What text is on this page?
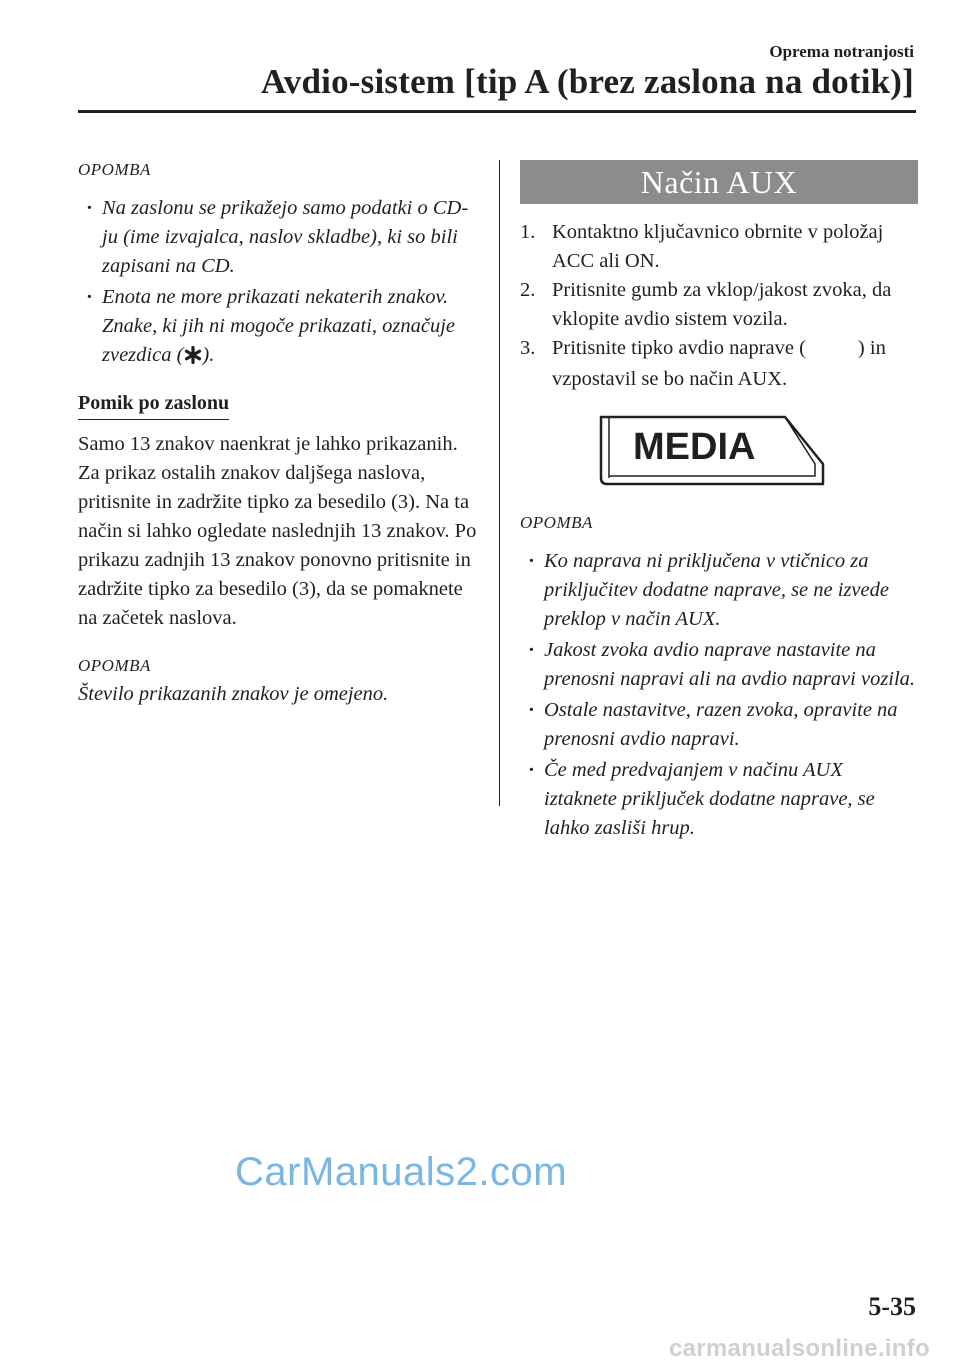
Oprema notranjosti
Avdio-sistem [tip A (brez zaslona na dotik)]

OPOMBA

· Na zaslonu se prikažejo samo podatki o CD-ju (ime izvajalca, naslov skladbe), ki so bili zapisani na CD.
· Enota ne more prikazati nekaterih znakov. Znake, ki jih ni mogoče prikazati, označuje zvezdica ( ).
Pomik po zaslonu

Samo 13 znakov naenkrat je lahko prikazanih. Za prikaz ostalih znakov daljšega naslova, pritisnite in zadržite tipko za besedilo (3). Na ta način si lahko ogledate naslednjih 13 znakov. Po prikazu zadnjih 13 znakov ponovno pritisnite in zadržite tipko za besedilo (3), da se pomaknete na začetek naslova.

OPOMBA

Število prikazanih znakov je omejeno.

Način AUX
1. Kontaktno ključavnico obrnite v položaj ACC ali ON.
2. Pritisnite gumb za vklop/jakost zvoka, da vklopite avdio sistem vozila.
3. Pritisnite tipko avdio naprave (	) in vzpostavil se bo način AUX.
MEDIA

OPOMBA

· Ko naprava ni priključena v vtičnico za priključitev dodatne naprave, se ne izvede preklop v način AUX.
· Jakost zvoka avdio naprave nastavite na prenosni napravi ali na avdio napravi vozila.
· Ostale nastavitve, razen zvoka, opravite na prenosni avdio napravi.
· Če med predvajanjem v načinu AUX iztaknete priključek dodatne naprave, se lahko zasliši hrup.
CarManuals2.com
5-35
carmanualsonline.info
